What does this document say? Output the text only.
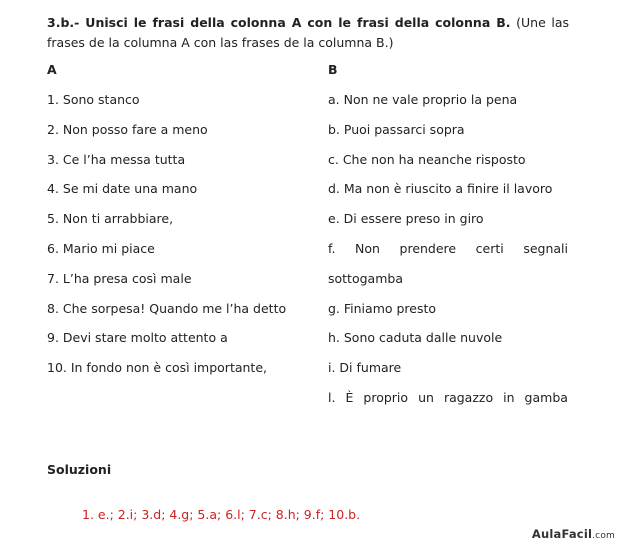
3.b.- Unisci le frasi della colonna A con le frasi della colonna B. (Une las frases de la columna A con las frases de la columna B.)
A	B
1. Sono stanco
2. Non posso fare a meno
3. Ce l’ha messa tutta
4. Se mi date una mano
5. Non ti arrabbiare,
6. Mario mi piace
7. L’ha presa così male
8. Che sorpesa! Quando me l’ha detto
9. Devi stare molto attento a
10. In fondo non è così importante,
a. Non ne vale proprio la pena
b. Puoi passarci sopra
c. Che non ha neanche risposto
d. Ma non è riuscito a finire il lavoro
e. Di essere preso in giro
f. Non prendere certi segnali
sottogamba
g. Finiamo presto
h. Sono caduta dalle nuvole
i. Di fumare
l. È proprio un ragazzo in gamba
Soluzioni
1. e.; 2.i; 3.d; 4.g; 5.a; 6.l; 7.c; 8.h; 9.f; 10.b.
AulaFacil.com
